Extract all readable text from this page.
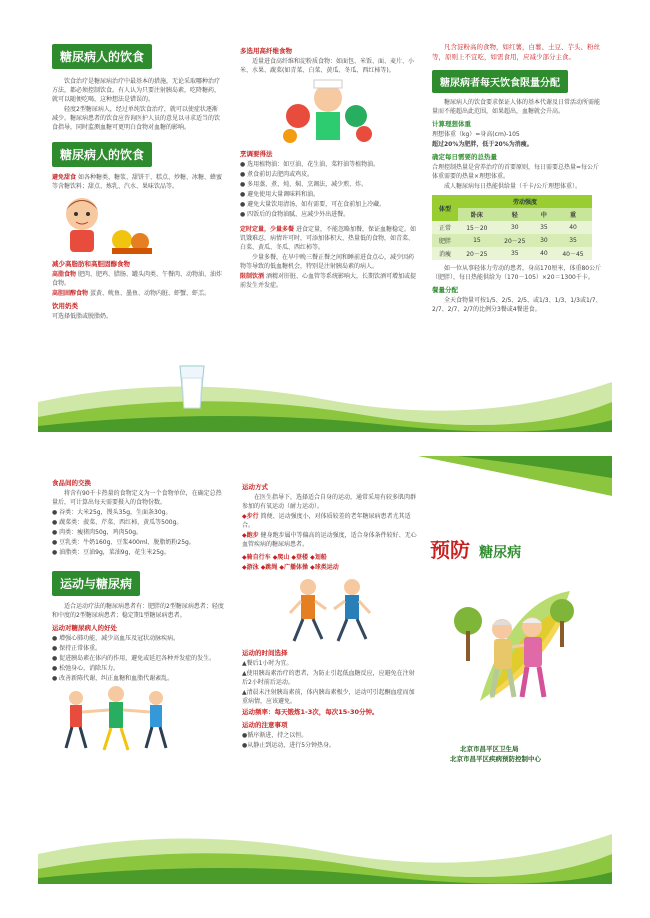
糖尿病人的饮食

饮食治疗是糖尿病治疗中最基本的措施，无论采取哪种治疗方法，都必须控制饮食。有人认为只要注射胰岛素，吃降糖药，就可以随便吃喝，这种想法是错误的。

轻度2型糖尿病人，经过单纯饮食治疗，就可以使症状逐渐减少。糖尿病患者的饮食应咨询医护人员的意见以寻求适当的饮食指导，同时监测血糖可更明白食物对血糖的影响。

糖尿病人的饮食

避免甜食 如各种糖类、糖浆、甜饼干、糕点、炒糖、冰糖、蜂蜜等含糖饮料；甜点、炼乳、汽水、果味饮品等。

减少高脂肪和高胆固醇食物

高脂食物 肥肉、肥鸡、腊肠、罐头肉类、午餐肉、动物油、油炸食物。

高胆固醇食物 蛋黄、鱿鱼、墨鱼、动物内脏、虾蟹、虾羔。

饮用奶类

可选择低脂或脱脂奶。

多选用高纤维食物

适量进食高纤维和淀粉质食物：如面包、米饭、面、麦片、小米、水果、蔬菜(如青菜、白菜、黄瓜、冬瓜、西红柿等)。

烹调要得法

● 选用植物油：如豆油、花生油、菜籽油等植物油。

● 煮食前切去肥肉或鸡皮。

● 多用蒸、煮、炖、焖、烹调法，减少煎、炸。

● 避免使用大量调味料和油。

● 避免大量饮用清汤，如有需要，可在食前加上冷藏。

● 四饭后的食物油腻，应减少外出进餐。

定时定量，少量多餐 进食定量，不能忽略加餐，保证血糖稳定。如饥饿难忍，病情许可时，可添加体积大、热量低的食物，如青菜、白菜、黄瓜、冬瓜、西红柿等。

少量多餐，在早中晚三餐正餐之间和睡前进食点心，减少因药物等导致的低血糖机会，特别是注射胰岛素的病人。

限制饮酒 酒精对肝脏、心血管等系统影响大，长期饮酒可增加或提前发生并发症。

凡含淀粉高的食物，如红薯，白薯、土豆、芋头、粉丝等，原则上不宜吃，如需食用，应减少部分主食。

糖尿病者每天饮食限量分配

糖尿病人的饮食要求保证人体的基本代谢及日常活动所需能量而不能超出此范围，如果超出，血糖就会升高。

计算理想体重

理想体重（kg）=身高(cm)-105

超过20%为肥胖，低于20%为消瘦。

确定每日需要的总热量

合理控制热量是营养治疗的首要原则，每日需要总热量=每公斤体重需要的热量×理想体重。

成人糖尿病每日热能供给量（千卡/公斤理想体重）。

体型	劳动强度			
	卧床	轻	中	重
正常	15－20	30	35	40
肥胖	15	20－25	30	35
消瘦	20－25	35	40	40－45

如一位从事轻体力劳动的患者，身高170厘米，体重80公斤（肥胖），每日热能供给为（170－105）×20＝1300千卡。

餐量分配

全天食物量可按1/5、2/5、2/5、或1/3、1/3、1/3或1/7、2/7、2/7、2/7的比例分3餐或4餐进食。

食品间的交换

将含有90千卡热量的食物定义为一个食物单位，在确定总热量后，可计算出每天需要摄入的食物份数。

● 谷类：大米25g，馒头35g，生面条30g。

● 蔬菜类：菠菜、芹菜、西红柿，黄瓜等500g。

● 肉类：瘦猪肉50g，鸡肉50g。

● 豆乳类：牛奶160g、豆浆400ml、脱脂奶粉25g。

● 油脂类：豆油9g，菜油9g，花生米25g。

运动与糖尿病

适合运动疗法的糖尿病患者有：肥胖的2型糖尿病患者；轻度和中度的2型糖尿病患者；稳定期1型糖尿病患者。

运动对糖尿病人的好处

● 增强心肺功能，减少高血压及冠状动脉疾病。

● 保持正常体重。

● 促进胰岛素在体内的作用，避免或延迟各种并发症的发生。

● 松弛身心，消除压力。

● 改善新陈代谢，纠正血糖和血脂代谢紊乱。

运动方式

在医生指导下，选择适合自身的运动，通常采用有较多肌肉群参加的有氧运动（耐力运动）。

◆步行 简便、运动强度小，对体质较差的老年糖尿病患者尤其适合。

◆跑步 健身跑步属中等偏高的运动强度，适合身体条件较好、无心血管疾病的糖尿病患者。

◆骑自行车 ◆爬山 ◆登楼 ◆划船

◆游泳 ◆跳绳 ◆广播体操 ◆球类运动

运动的时间选择

▲餐后1小时为宜。

▲使用胰岛素治疗的患者，为防止引起低血糖反应，应避免在注射后2小时前后运动。

▲清晨未注射胰岛素前，体内胰岛素极少，运动可引起酮血症而加重病情，应该避免。

运动频率：每天锻炼1-3次，每次15-30分钟。

运动的注意事项

●循序渐进，持之以恒。

●从静止到运动，进行5分钟热身。

预防 糖尿病

北京市昌平区卫生局

北京市昌平区疾病预防控制中心
